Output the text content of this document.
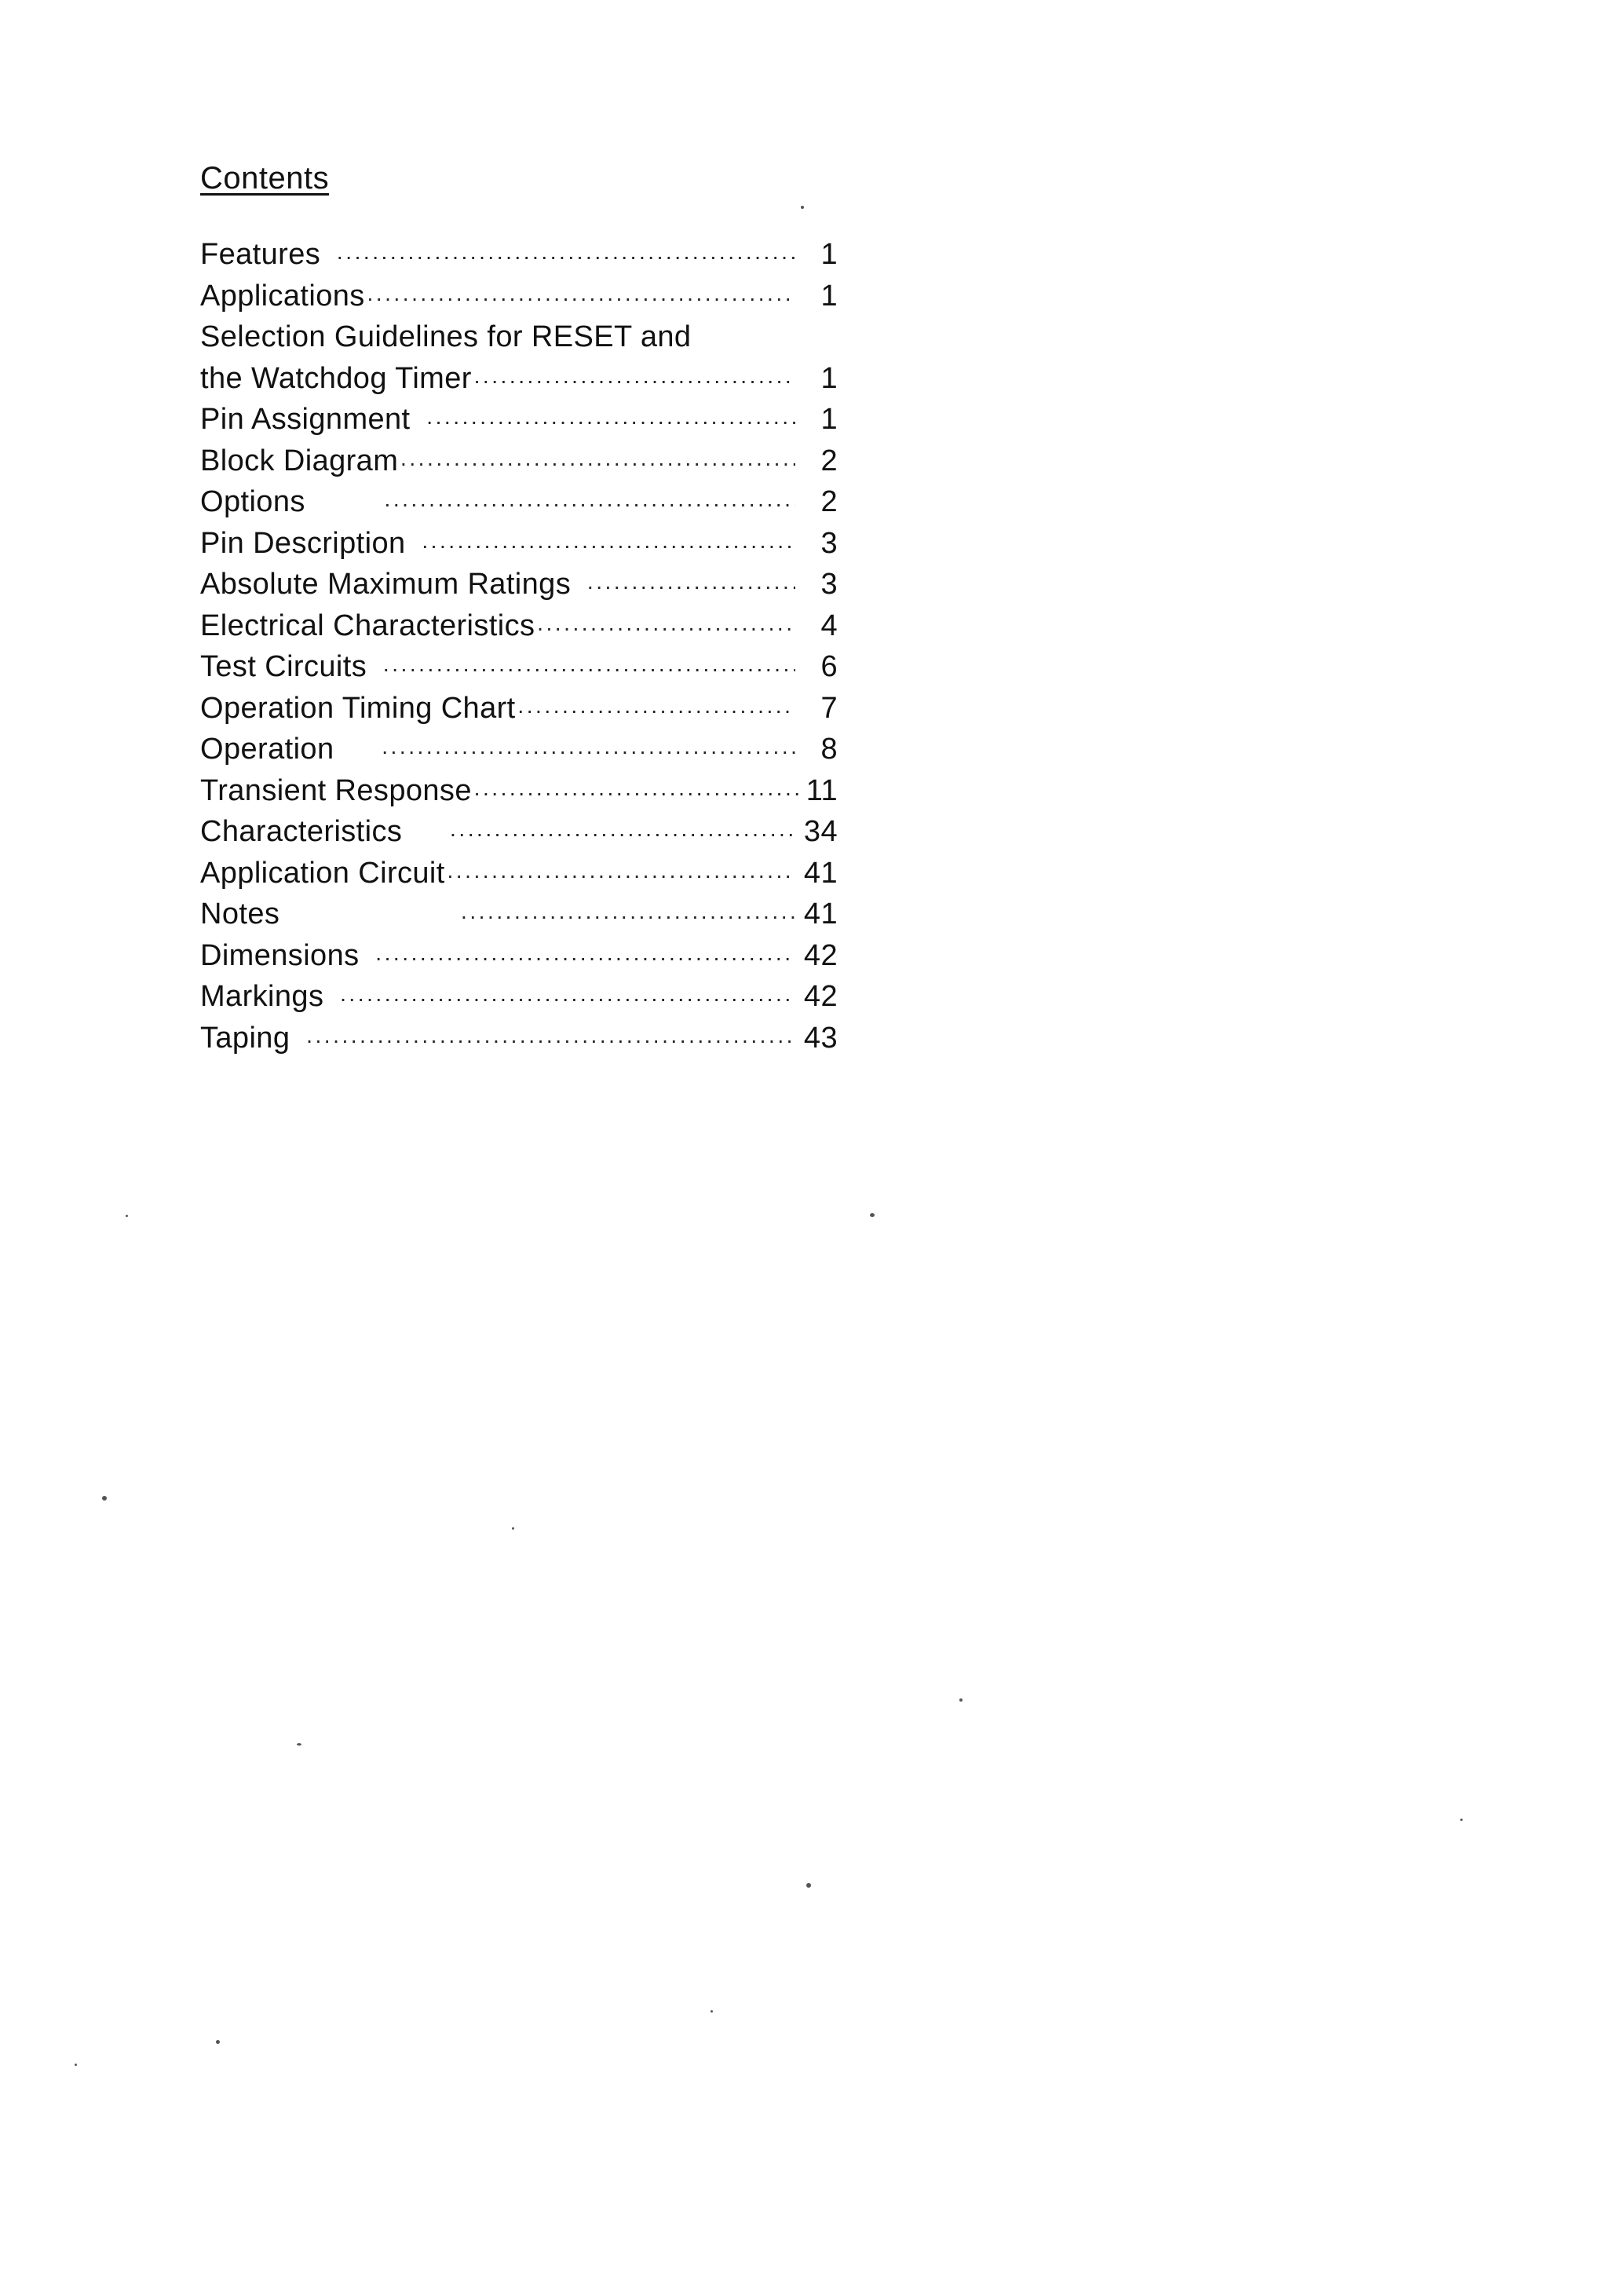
Contents
Features ·····	1
Applications ·····	1
Selection Guidelines for RESET and
the Watchdog Timer ·····	1
Pin Assignment ·····	1
Block Diagram ·····	2
Options ·····	2
Pin Description ·····	3
Absolute Maximum Ratings ·····	3
Electrical Characteristics ·····	4
Test Circuits ·····	6
Operation Timing Chart ·····	7
Operation ·····	8
Transient Response ·····	11
Characteristics ·····	34
Application Circuit ·····	41
Notes ·····	41
Dimensions ·····	42
Markings ·····	42
Taping ·····	43
